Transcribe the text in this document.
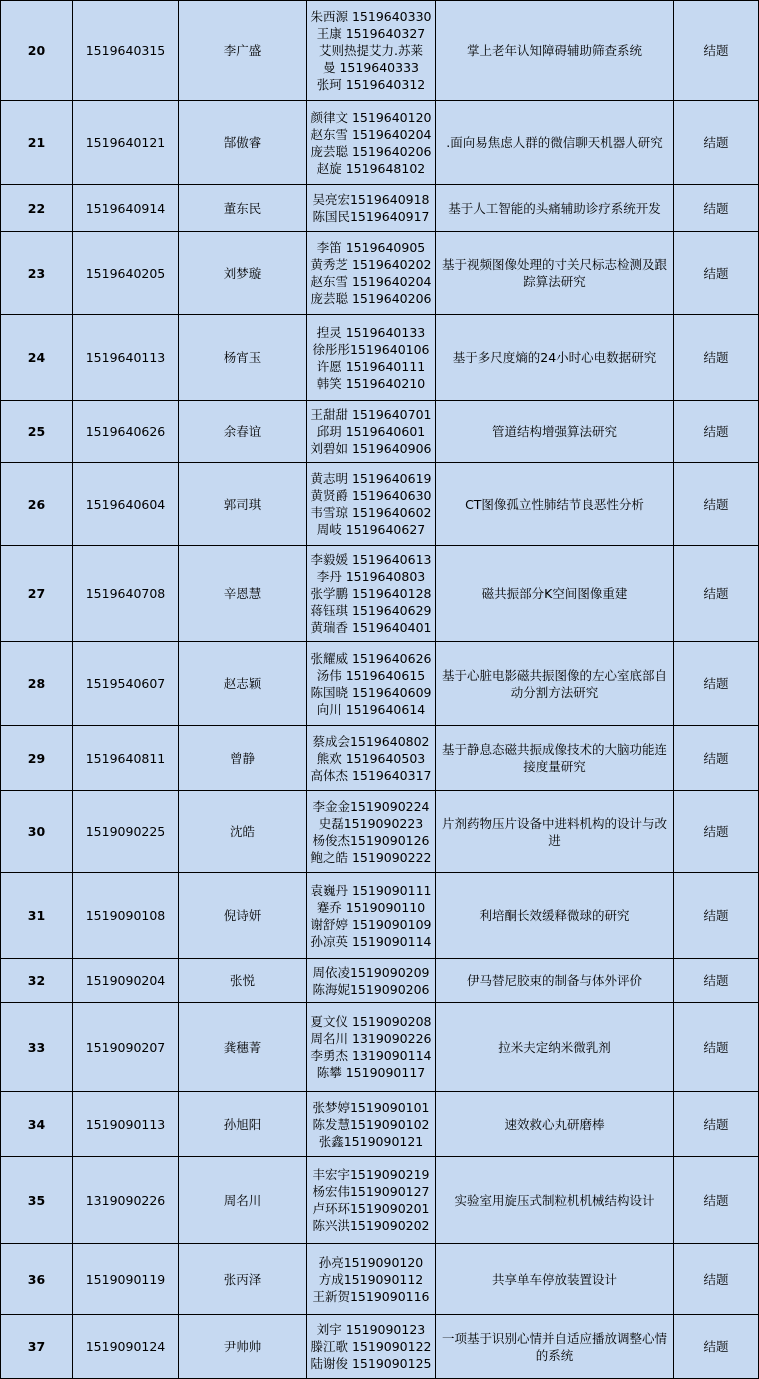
20	1519640315	李广盛	朱西源 1519640330
王康 1519640327
艾则热提艾力.苏莱
曼 1519640333
张珂 1519640312	掌上老年认知障碍辅助筛查系统	结题
21	1519640121	郜傲睿	颜律文 1519640120
赵东雪 1519640204
庞芸聪 1519640206
赵旋 1519648102	.面向易焦虑人群的微信聊天机器人研究	结题
22	1519640914	董东民	吴亮宏1519640918
陈国民1519640917	基于人工智能的头痛辅助诊疗系统开发	结题
23	1519640205	刘梦璇	李笛 1519640905
黄秀芝 1519640202
赵东雪 1519640204
庞芸聪 1519640206	基于视频图像处理的寸关尺标志检测及跟踪算法研究	结题
24	1519640113	杨宵玉	揑灵 1519640133
徐彤彤1519640106
许愿 1519640111
韩笑 1519640210	基于多尺度熵的24小时心电数据研究	结题
25	1519640626	余春谊	王甜甜 1519640701
邱玥 1519640601
刘碧如 1519640906	管道结构增强算法研究	结题
26	1519640604	郭司琪	黄志明 1519640619
黄贤爵 1519640630
韦雪琼 1519640602
周岐 1519640627	CT图像孤立性肺结节良恶性分析	结题
27	1519640708	辛恩慧	李毅媛 1519640613
李丹 1519640803
张学鹏 1519640128
蒋钰琪 1519640629
黄瑞香 1519640401	磁共振部分K空间图像重建	结题
28	1519540607	赵志颖	张耀威 1519640626
汤伟 1519640615
陈国晓 1519640609
向川 1519640614	基于心脏电影磁共振图像的左心室底部自动分割方法研究	结题
29	1519640811	曾静	蔡成会1519640802
熊欢 1519640503
高体杰 1519640317	基于静息态磁共振成像技术的大脑功能连接度量研究	结题
30	1519090225	沈皓	李金金1519090224
史磊1519090223
杨俊杰1519090126
鲍之皓 1519090222	片剂药物压片设备中进料机构的设计与改进	结题
31	1519090108	倪诗妍	袁巍丹 1519090111
蹇乔 1519090110
谢舒婷 1519090109
孙凉英 1519090114	利培酮长效缓释微球的研究	结题
32	1519090204	张悦	周依凌1519090209
陈海妮1519090206	伊马替尼胶束的制备与体外评价	结题
33	1519090207	龚穗菁	夏文仪 1519090208
周名川 1319090226
李勇杰 1319090114
陈攀 1519090117	拉米夫定纳米微乳剂	结题
34	1519090113	孙旭阳	张梦婷1519090101
陈发慧1519090102
张鑫1519090121	速效救心丸研磨棒	结题
35	1319090226	周名川	丰宏宇1519090219
杨宏伟1519090127
卢环环1519090201
陈兴洪1519090202	实验室用旋压式制粒机机械结构设计	结题
36	1519090119	张丙泽	孙亮1519090120
方成1519090112
王新贺1519090116	共享单车停放装置设计	结题
37	1519090124	尹帅帅	刘宇 1519090123
滕江歌 1519090122
陆谢俊 1519090125	一项基于识别心情并自适应播放调整心情的系统	结题
